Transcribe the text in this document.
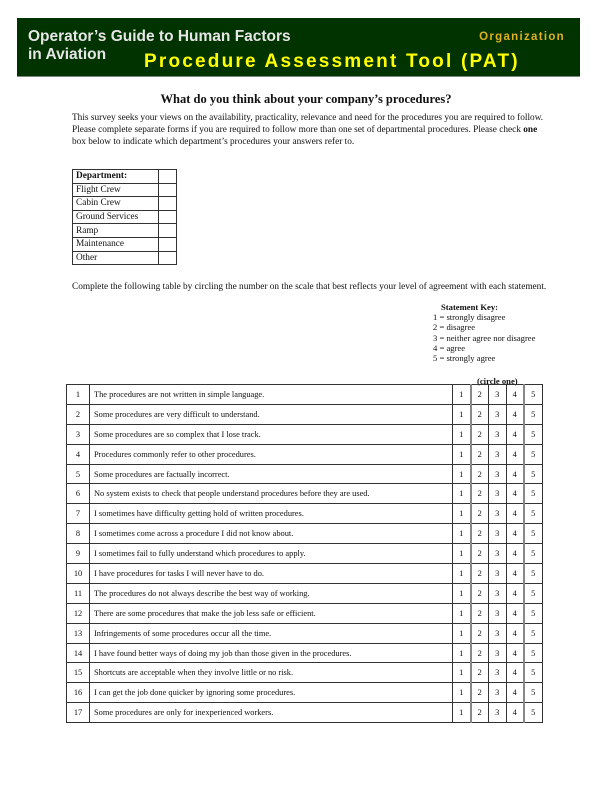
Operator’s Guide to Human Factors
in Aviation
Organization
Procedure Assessment Tool (PAT)
What do you think about your company’s procedures?
This survey seeks your views on the availability, practicality, relevance and need for the procedures you are required to follow. Please complete separate forms if you are required to follow more than one set of departmental procedures. Please check one box below to indicate which department’s procedures your answers refer to.
Department:	
Flight Crew	
Cabin Crew	
Ground Services	
Ramp	
Maintenance	
Other	
Complete the following table by circling the number on the scale that best reflects your level of agreement with each statement.
Statement Key:
1 = strongly disagree
2 = disagree
3 = neither agree nor disagree
4 = agree
5 = strongly agree
(circle one)
1	The procedures are not written in simple language.	1	2	3	4	5
2	Some procedures are very difficult to understand.	1	2	3	4	5
3	Some procedures are so complex that I lose track.	1	2	3	4	5
4	Procedures commonly refer to other procedures.	1	2	3	4	5
5	Some procedures are factually incorrect.	1	2	3	4	5
6	No system exists to check that people understand procedures before they are used.	1	2	3	4	5
7	I sometimes have difficulty getting hold of written procedures.	1	2	3	4	5
8	I sometimes come across a procedure I did not know about.	1	2	3	4	5
9	I sometimes fail to fully understand which procedures to apply.	1	2	3	4	5
10	I have procedures for tasks I will never have to do.	1	2	3	4	5
11	The procedures do not always describe the best way of working.	1	2	3	4	5
12	There are some procedures that make the job less safe or efficient.	1	2	3	4	5
13	Infringements of some procedures occur all the time.	1	2	3	4	5
14	I have found better ways of doing my job than those given in the procedures.	1	2	3	4	5
15	Shortcuts are acceptable when they involve little or no risk.	1	2	3	4	5
16	I can get the job done quicker by ignoring some procedures.	1	2	3	4	5
17	Some procedures are only for inexperienced workers.	1	2	3	4	5
